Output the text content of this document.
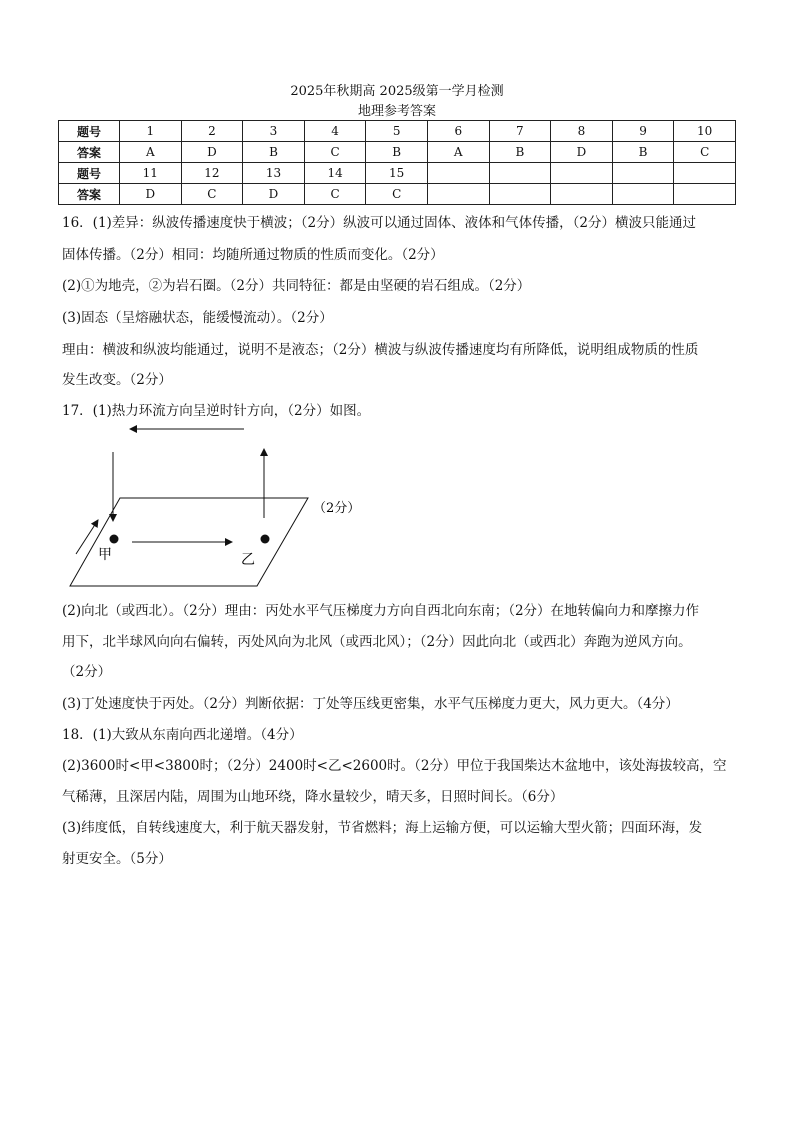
2025年秋期高 2025级第一学月检测
地理参考答案
题号	1	2	3	4	5	6	7	8	9	10
答案	A	D	B	C	B	A	B	D	B	C
题号	11	12	13	14	15					
答案	D	C	D	C	C					
16．(1)差异：纵波传播速度快于横波；（2分）纵波可以通过固体、液体和气体传播，（2分）横波只能通过
固体传播。（2分）相同：均随所通过物质的性质而变化。（2分）
(2)①为地壳，②为岩石圈。（2分）共同特征：都是由坚硬的岩石组成。（2分）
(3)固态（呈熔融状态，能缓慢流动）。（2分）
理由：横波和纵波均能通过，说明不是液态；（2分）横波与纵波传播速度均有所降低，说明组成物质的性质
发生改变。（2分）
17．(1)热力环流方向呈逆时针方向，（2分）如图。
(2)向北（或西北）。（2分）理由：丙处水平气压梯度力方向自西北向东南；（2分）在地转偏向力和摩擦力作
用下，北半球风向向右偏转，丙处风向为北风（或西北风）；（2分）因此向北（或西北）奔跑为逆风方向。
（2分）
(3)丁处速度快于丙处。（2分）判断依据：丁处等压线更密集，水平气压梯度力更大，风力更大。（4分）
18．(1)大致从东南向西北递增。（4分）
(2)3600时<甲<3800时；（2分）2400时<乙<2600时。（2分）甲位于我国柴达木盆地中，该处海拔较高，空
气稀薄，且深居内陆，周围为山地环绕，降水量较少，晴天多，日照时间长。（6分）
(3)纬度低，自转线速度大，利于航天器发射，节省燃料；海上运输方便，可以运输大型火箭；四面环海，发
射更安全。（5分）
甲	乙
（2分）
